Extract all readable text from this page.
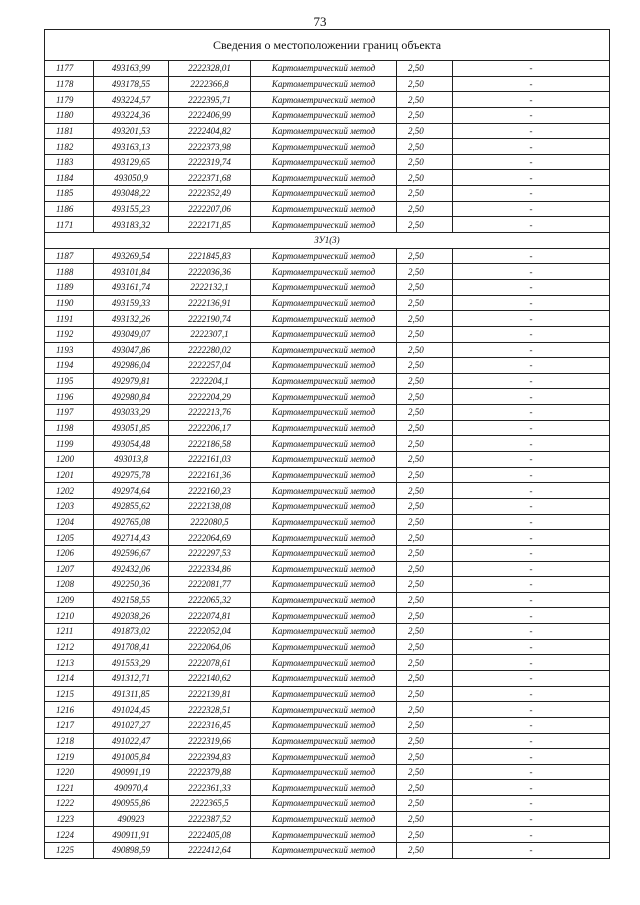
73
Сведения о местоположении границ объекта					
1177	493163,99	2222328,01	Картометрический метод	2,50	-
1178	493178,55	2222366,8	Картометрический метод	2,50	-
1179	493224,57	2222395,71	Картометрический метод	2,50	-
1180	493224,36	2222406,99	Картометрический метод	2,50	-
1181	493201,53	2222404,82	Картометрический метод	2,50	-
1182	493163,13	2222373,98	Картометрический метод	2,50	-
1183	493129,65	2222319,74	Картометрический метод	2,50	-
1184	493050,9	2222371,68	Картометрический метод	2,50	-
1185	493048,22	2222352,49	Картометрический метод	2,50	-
1186	493155,23	2222207,06	Картометрический метод	2,50	-
1171	493183,32	2222171,85	Картометрический метод	2,50	-
ЗУ1(3)					
1187	493269,54	2221845,83	Картометрический метод	2,50	-
1188	493101,84	2222036,36	Картометрический метод	2,50	-
1189	493161,74	2222132,1	Картометрический метод	2,50	-
1190	493159,33	2222136,91	Картометрический метод	2,50	-
1191	493132,26	2222190,74	Картометрический метод	2,50	-
1192	493049,07	2222307,1	Картометрический метод	2,50	-
1193	493047,86	2222280,02	Картометрический метод	2,50	-
1194	492986,04	2222257,04	Картометрический метод	2,50	-
1195	492979,81	2222204,1	Картометрический метод	2,50	-
1196	492980,84	2222204,29	Картометрический метод	2,50	-
1197	493033,29	2222213,76	Картометрический метод	2,50	-
1198	493051,85	2222206,17	Картометрический метод	2,50	-
1199	493054,48	2222186,58	Картометрический метод	2,50	-
1200	493013,8	2222161,03	Картометрический метод	2,50	-
1201	492975,78	2222161,36	Картометрический метод	2,50	-
1202	492974,64	2222160,23	Картометрический метод	2,50	-
1203	492855,62	2222138,08	Картометрический метод	2,50	-
1204	492765,08	2222080,5	Картометрический метод	2,50	-
1205	492714,43	2222064,69	Картометрический метод	2,50	-
1206	492596,67	2222297,53	Картометрический метод	2,50	-
1207	492432,06	2222334,86	Картометрический метод	2,50	-
1208	492250,36	2222081,77	Картометрический метод	2,50	-
1209	492158,55	2222065,32	Картометрический метод	2,50	-
1210	492038,26	2222074,81	Картометрический метод	2,50	-
1211	491873,02	2222052,04	Картометрический метод	2,50	-
1212	491708,41	2222064,06	Картометрический метод	2,50	-
1213	491553,29	2222078,61	Картометрический метод	2,50	-
1214	491312,71	2222140,62	Картометрический метод	2,50	-
1215	491311,85	2222139,81	Картометрический метод	2,50	-
1216	491024,45	2222328,51	Картометрический метод	2,50	-
1217	491027,27	2222316,45	Картометрический метод	2,50	-
1218	491022,47	2222319,66	Картометрический метод	2,50	-
1219	491005,84	2222394,83	Картометрический метод	2,50	-
1220	490991,19	2222379,88	Картометрический метод	2,50	-
1221	490970,4	2222361,33	Картометрический метод	2,50	-
1222	490955,86	2222365,5	Картометрический метод	2,50	-
1223	490923	2222387,52	Картометрический метод	2,50	-
1224	490911,91	2222405,08	Картометрический метод	2,50	-
1225	490898,59	2222412,64	Картометрический метод	2,50	-
